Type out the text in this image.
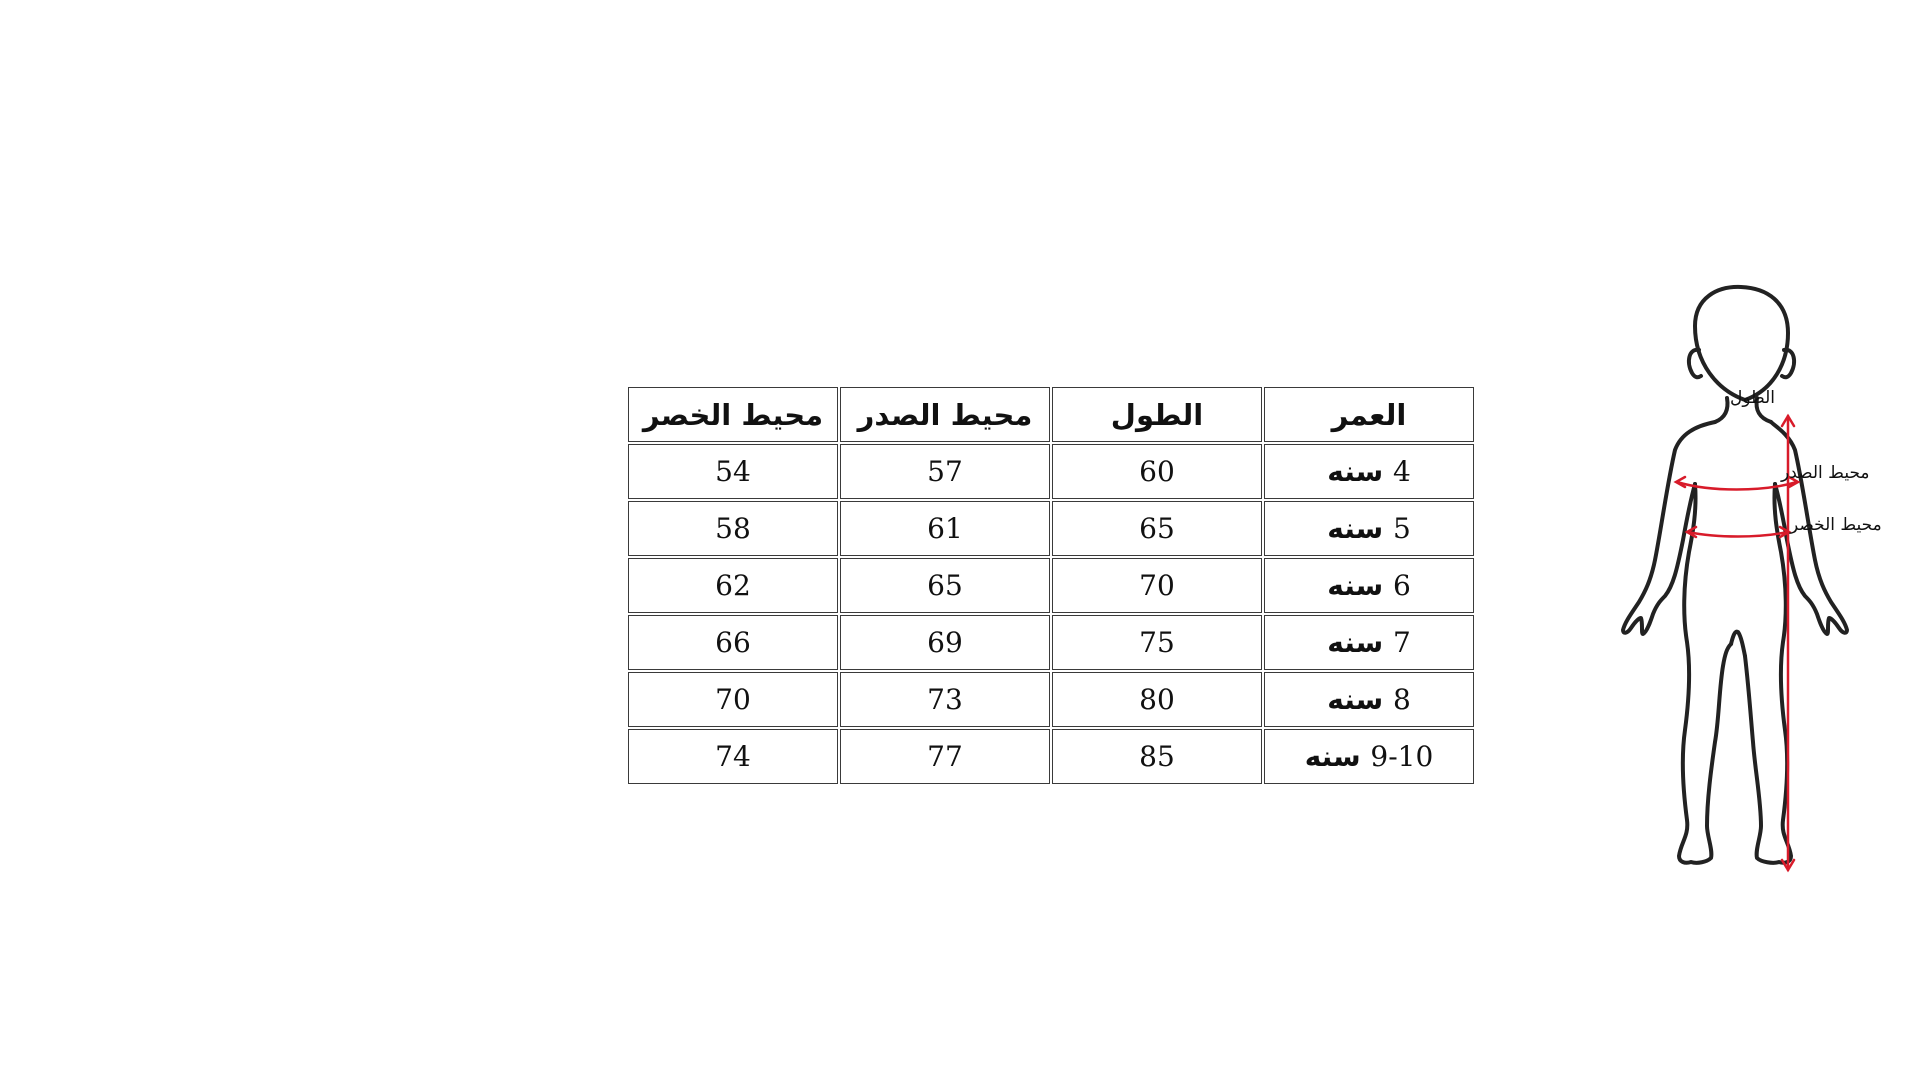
العمر	الطول	محيط الصدر	محيط الخصر
4 سنه	60	57	54
5 سنه	65	61	58
6 سنه	70	65	62
7 سنه	75	69	66
8 سنه	80	73	70
9-10 سنه	85	77	74
الطول
محيط الصدر
محيط الخصر
